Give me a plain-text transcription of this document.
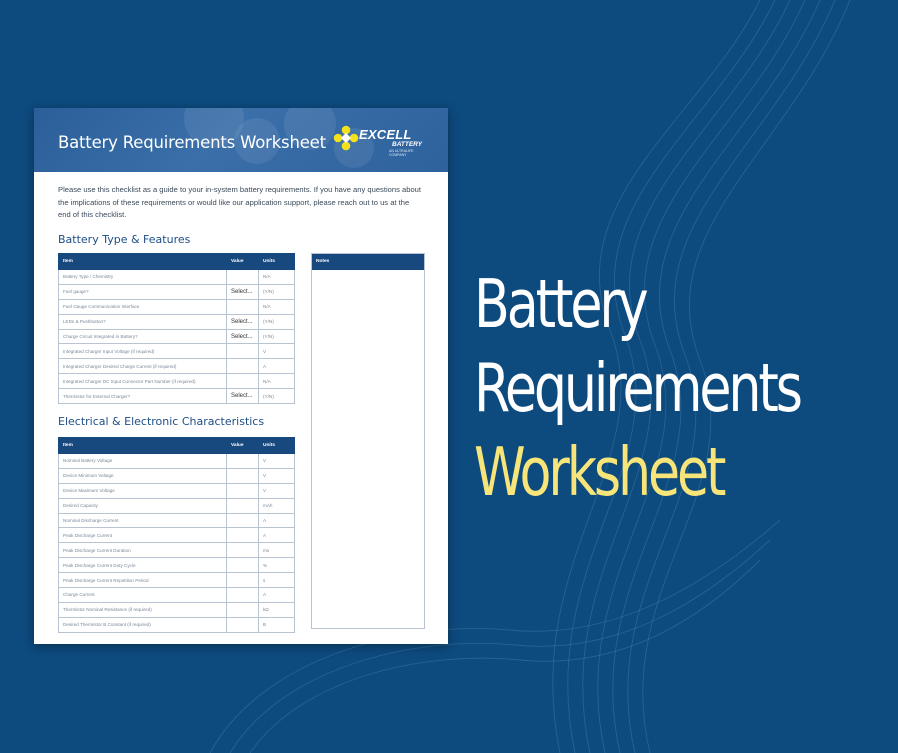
Battery Requirements Worksheet	EXCELL
BATTERY
AN ULTRALIFE COMPANY

Please use this checklist as a guide to your in-system battery requirements. If you have any questions about the implications of these requirements or would like our application support, please reach out to us at the end of this checklist.

Battery Type & Features
Item	Value	Units
Battery Type / Chemistry		N/A
Fuel gauge?	Select...	(Y/N)
Fuel Gauge Communication Interface		N/A
LEDs & Pushbutton?	Select...	(Y/N)
Charge Circuit Integrated in Battery?	Select...	(Y/N)
Integrated Charger Input Voltage (if required)		V
Integrated Charger Desired Charge Current (if required)		A
Integrated Charger DC Input Connector Part Number (if required)		N/A
Thermistor for External Charger?	Select...	(Y/N)
Electrical & Electronic Characteristics
Item	Value	Units
Nominal Battery Voltage		V
Device Minimum Voltage		V
Device Maximum Voltage		V
Desired Capacity		mAh
Nominal Discharge Current		A
Peak Discharge Current		A
Peak Discharge Current Duration		ms
Peak Discharge Current Duty Cycle		%
Peak Discharge Current Repetition Period		s
Charge Current		A
Thermistor Nominal Resistance (if required)		kΩ
Desired Thermistor B Constant (if required)		B
Notes
Battery
Requirements
Worksheet
